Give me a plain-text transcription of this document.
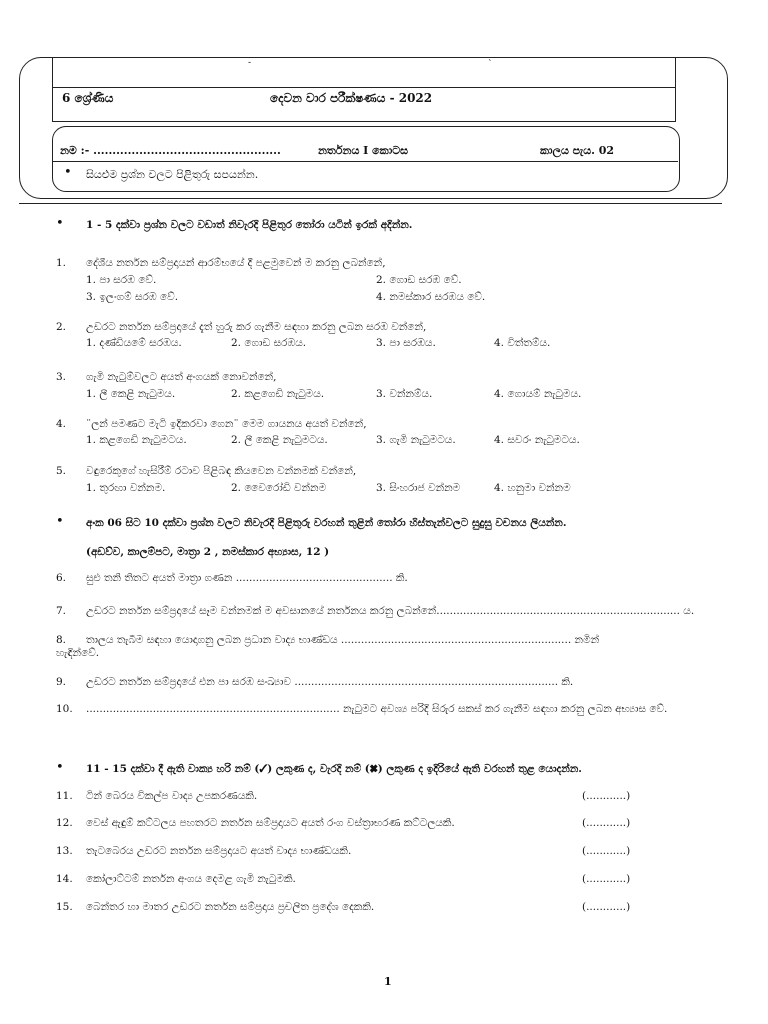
-	`
6 ශ්‍රේණිය	දෙවන වාර පරීක්ෂණය - 2022
නම :- .................................................	නර්තනය I කොටස	කාලය පැය. 02
• සියළුම ප්‍රශ්න වලට පිළිතුරු සපයන්න.
• 1 - 5 දක්වා ප්‍රශ්න වලට වඩාත් නිවැරදි පිළිතුර තෝරා යටින් ඉරක් අදින්න.
1. දේශීය නර්තන සම්ප්‍රදායන් ආරම්භයේ දී පළමුවෙන් ම කරනු ලබන්නේ,
1. පා සරඹ වේ.	2. ගොඩ සරඹ වේ.
3. ඉලංගම් සරඹ වේ.	4. නමස්කාර සරඹය වේ.
2. උඩරට නර්තන සම්ප්‍රදායේ දැත් හුරු කර ගැනීම සඳහා කරනු ලබන සරඹ වන්නේ,
1. දණ්ඩියමේ සරඹය.	2. ගොඩ සරඹය.	3. පා සරඹය.	4. විත්තම්ය.
3. ගැමි නැටුම්වලට අයත් අංගයක් නොවන්නේ,
1. ලී කෙළි නැටුමය.	2. කළගෙඩි නැටුමය.	3. වන්නම්ය.	4. ගොයම් නැටුමය.
4. ¨ලන් පමණට මැටි ඉදිකරවා ගෙන¨ මෙම ගායනය අයත් වන්නේ,
1. කළගෙඩි නැටුමටය.	2. ලී කෙළි නැටුමටය.	3. ගැමි නැටුමටය.	4. සවරං නැටුමටය.
5. වඳුරෙකුගේ හැසිරීම් රටාව පිළිබඳ කියවෙන වන්නමක් වන්නේ,
1. තුරඟා වන්නම.	2. වෛරෝඩි වන්නම	3. සිංහරාජ වන්නම	4. හනුමා වන්නම
• අංක 06 සිට 10 දක්වා ප්‍රශ්න වලට නිවැරදි පිළිතුරු වරහන් තුළින් තෝරා හිස්තැන්වලට සුදුසු වචනය ලියන්න.
(අඩව්ව, කාලම්පට, මාත්‍රා 2 , නමස්කාර අභ්‍යාස, 12 )
6. සුළු තනි තිතට අයත් මාත්‍රා ගණන ............................................... කි.
7. උඩරට නර්තන සම්ප්‍රදායේ සෑම වන්නමක් ම අවසානයේ නර්තනය කරනු ලබන්නේ......................................................................... ය.
8. තාලය තැබීම සඳහා යොදාගනු ලබන ප්‍රධාන වාද්‍ය භාණ්ඩය ..................................................................... නමින්
හැඳින්වේ.
9. උඩරට නර්තන සම්ප්‍රදායේ එන පා සරඹ සංඛ්‍යාව ............................................................................... කි.
10. ............................................................................ නැටුමට අවශ්‍ය පරිදි සිරුර සකස් කර ගැනීම සඳහා කරනු ලබන අභ්‍යාස වේ.
• 11 - 15 දක්වා දී ඇති වාක්‍ය හරි නම් (✓) ලකුණ ද, වැරදි නම් (✖) ලකුණ ද ඉදිරියේ ඇති වරහන් තුළ යොදන්න.
11. ටින් බෙරය විකල්ප වාද්‍ය උපකරණයකි.	(............)
12. වෙස් ඇඳුම් කට්ටලය පහතරට නර්තන සම්ප්‍රදායට අයත් රංග වස්ත්‍රාභරණ කට්ටලයකි.	(............)
13. තැටබෙරය උඩරට නර්තන සම්ප්‍රදායට අයත් වාද්‍ය භාණ්ඩයකි.	(............)
14. කෝලාට්ටම් නර්තන අංගය දෙමළ ගැමි නැටුමකි.	(............)
15. බෙන්තර හා මාතර උඩරට නර්තන සම්ප්‍රදාය ප්‍රචලිත ප්‍රදේශ දෙකකි.	(............)
1
